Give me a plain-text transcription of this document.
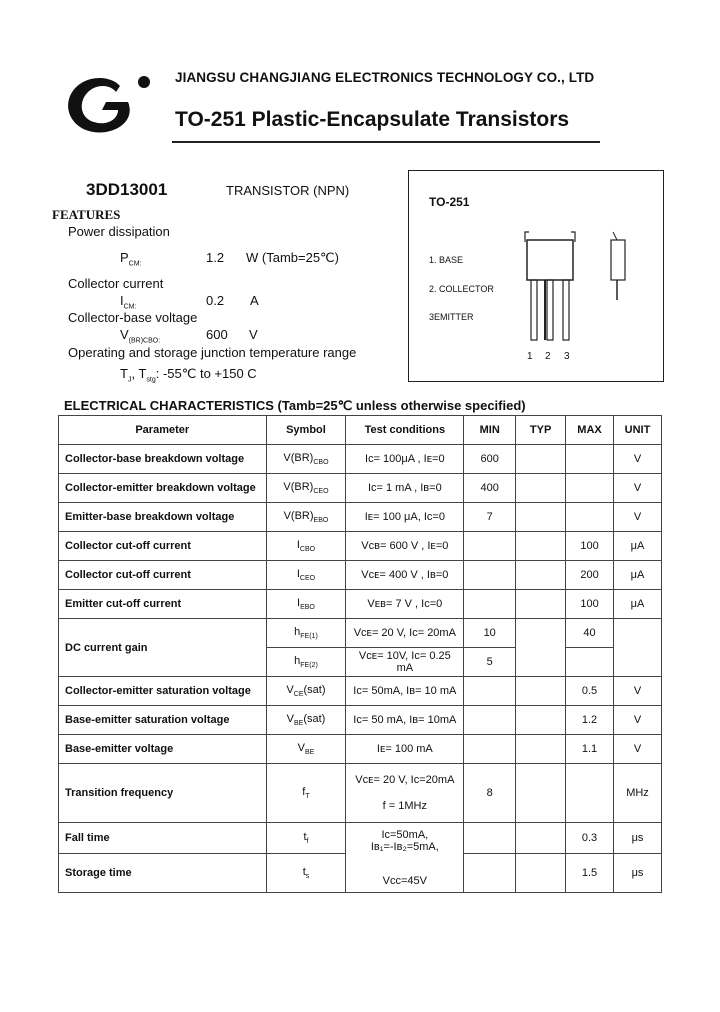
JIANGSU CHANGJIANG ELECTRONICS TECHNOLOGY CO., LTD
TO-251 Plastic-Encapsulate Transistors
3DD13001	TRANSISTOR (NPN)
FEATURES
Power dissipation
$P_{CM:}$	1.2 W (Tamb=25℃)
Collector current
$I_{CM:}$	0.2 A
Collector-base voltage
$V_{(BR)CBO:}$	600 V
Operating and storage junction temperature range
$T_J$, $T_{stg}$: -55℃ to +150 C
TO-251
1. BASE
2. COLLECTOR
3EMITTER
1 2 3
ELECTRICAL CHARACTERISTICS (Tamb=25℃ unless otherwise specified)
Parameter	Symbol	Test conditions	MIN	TYP	MAX	UNIT
Collector-base breakdown voltage	$V(BR)_{CBO}$	Iᴄ= 100μA , Iᴇ=0	600			V
Collector-emitter breakdown voltage	$V(BR)_{CEO}$	Iᴄ= 1 mA , Iʙ=0	400			V
Emitter-base breakdown voltage	$V(BR)_{EBO}$	Iᴇ= 100 μA, Iᴄ=0	7			V
Collector cut-off current	$I_{CBO}$	Vᴄʙ= 600 V , Iᴇ=0			100	μA
Collector cut-off current	$I_{CEO}$	Vᴄᴇ= 400 V , Iʙ=0			200	μA
Emitter cut-off current	$I_{EBO}$	Vᴇʙ= 7 V , Iᴄ=0			100	μA
DC current gain	$h_{FE(1)}$	Vᴄᴇ= 20 V, Iᴄ= 20mA	10		40	
	$h_{FE(2)}$	Vᴄᴇ= 10V, Iᴄ= 0.25 mA	5			
Collector-emitter saturation voltage	$V_{CE}(sat)$	Iᴄ= 50mA, Iʙ= 10 mA			0.5	V
Base-emitter saturation voltage	$V_{BE}(sat)$	Iᴄ= 50 mA, Iʙ= 10mA			1.2	V
Base-emitter voltage	$V_{BE}$	Iᴇ= 100 mA			1.1	V
Transition frequency	$f_T$	Vᴄᴇ= 20 V, Iᴄ=20mA
f = 1MHz	8			MHz
Fall time	$t_f$	Iᴄ=50mA,
Iʙ₁=-Iʙ₂=5mA,
Vᴄᴄ=45V			0.3	μs
Storage time	$t_s$				1.5	μs
